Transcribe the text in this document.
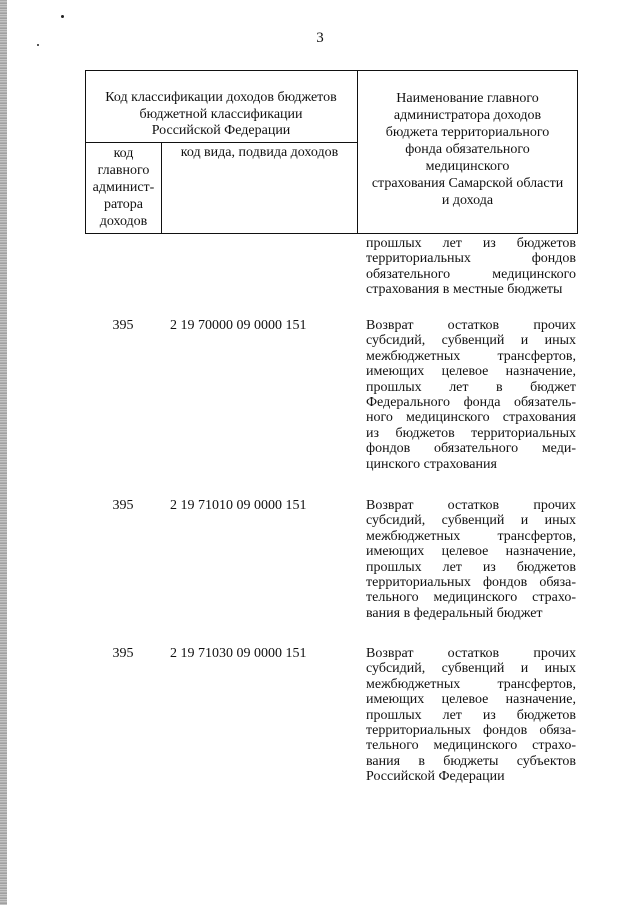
3
Код классификации доходов бюджетов
бюджетной классификации
Российской Федерации
код
главного
админист-
ратора
доходов
код вида, подвида доходов
Наименование главного
администратора доходов
бюджета территориального
фонда обязательного
медицинского
страхования Самарской области
и дохода
прошлых лет из бюджетов
территориальных фондов
обязательного медицинского
страхования в местные бюджеты
395	2 19 70000 09 0000 151	Возврат остатков прочих
субсидий, субвенций и иных
межбюджетных трансфертов,
имеющих целевое назначение,
прошлых лет в бюджет
Федерального фонда обязатель-
ного медицинского страхования
из бюджетов территориальных
фондов обязательного меди-
цинского страхования
395	2 19 71010 09 0000 151	Возврат остатков прочих
субсидий, субвенций и иных
межбюджетных трансфертов,
имеющих целевое назначение,
прошлых лет из бюджетов
территориальных фондов обяза-
тельного медицинского страхо-
вания в федеральный бюджет
395	2 19 71030 09 0000 151	Возврат остатков прочих
субсидий, субвенций и иных
межбюджетных трансфертов,
имеющих целевое назначение,
прошлых лет из бюджетов
территориальных фондов обяза-
тельного медицинского страхо-
вания в бюджеты субъектов
Российской Федерации
